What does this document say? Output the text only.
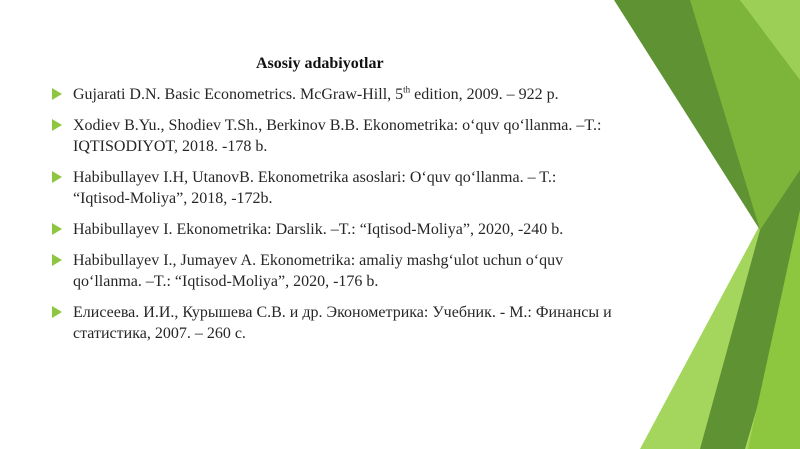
Asosiy adabiyotlar
Gujarati D.N. Basic Econometrics. McGraw-Hill, 5th edition, 2009. – 922 p.
Xodiev B.Yu., Shodiev T.Sh., Berkinov B.B. Ekonometrika: o‘quv qo‘llanma. –T.: IQTISODIYOT, 2018. -178 b.
Habibullayev I.H, UtanovB. Ekonometrika asoslari: O‘quv qo‘llanma. – T.: “Iqtisod-Moliya”, 2018, -172b.
Habibullayev I. Ekonometrika: Darslik. –T.: “Iqtisod-Moliya”, 2020, -240 b.
Habibullayev I., Jumayev A. Ekonometrika: amaliy mashg‘ulot uchun o‘quv qo‘llanma. –T.: “Iqtisod-Moliya”, 2020, -176 b.
Елисеева. И.И., Курышева С.В. и др. Эконометрика: Учебник. - М.: Финансы и статистика, 2007. – 260 с.
